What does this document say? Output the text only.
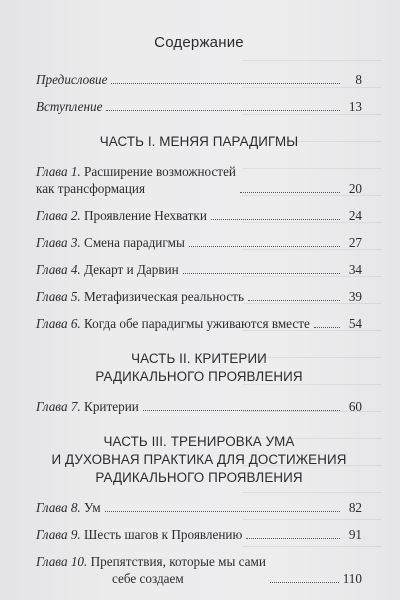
Содержание
Предисловие	8
Вступление	13
ЧАСТЬ I. МЕНЯЯ ПАРАДИГМЫ
Глава 1. Расширение возможностей
как трансформация	20
Глава 2. Проявление Нехватки	24
Глава 3. Смена парадигмы	27
Глава 4. Декарт и Дарвин	34
Глава 5. Метафизическая реальность	39
Глава 6. Когда обе парадигмы уживаются вместе	54
ЧАСТЬ II. КРИТЕРИИ
РАДИКАЛЬНОГО ПРОЯВЛЕНИЯ
Глава 7. Критерии	60
ЧАСТЬ III. ТРЕНИРОВКА УМА
И ДУХОВНАЯ ПРАКТИКА ДЛЯ ДОСТИЖЕНИЯ
РАДИКАЛЬНОГО ПРОЯВЛЕНИЯ
Глава 8. Ум	82
Глава 9. Шесть шагов к Проявлению	91
Глава 10. Препятствия, которые мы сами
себе создаем	110
